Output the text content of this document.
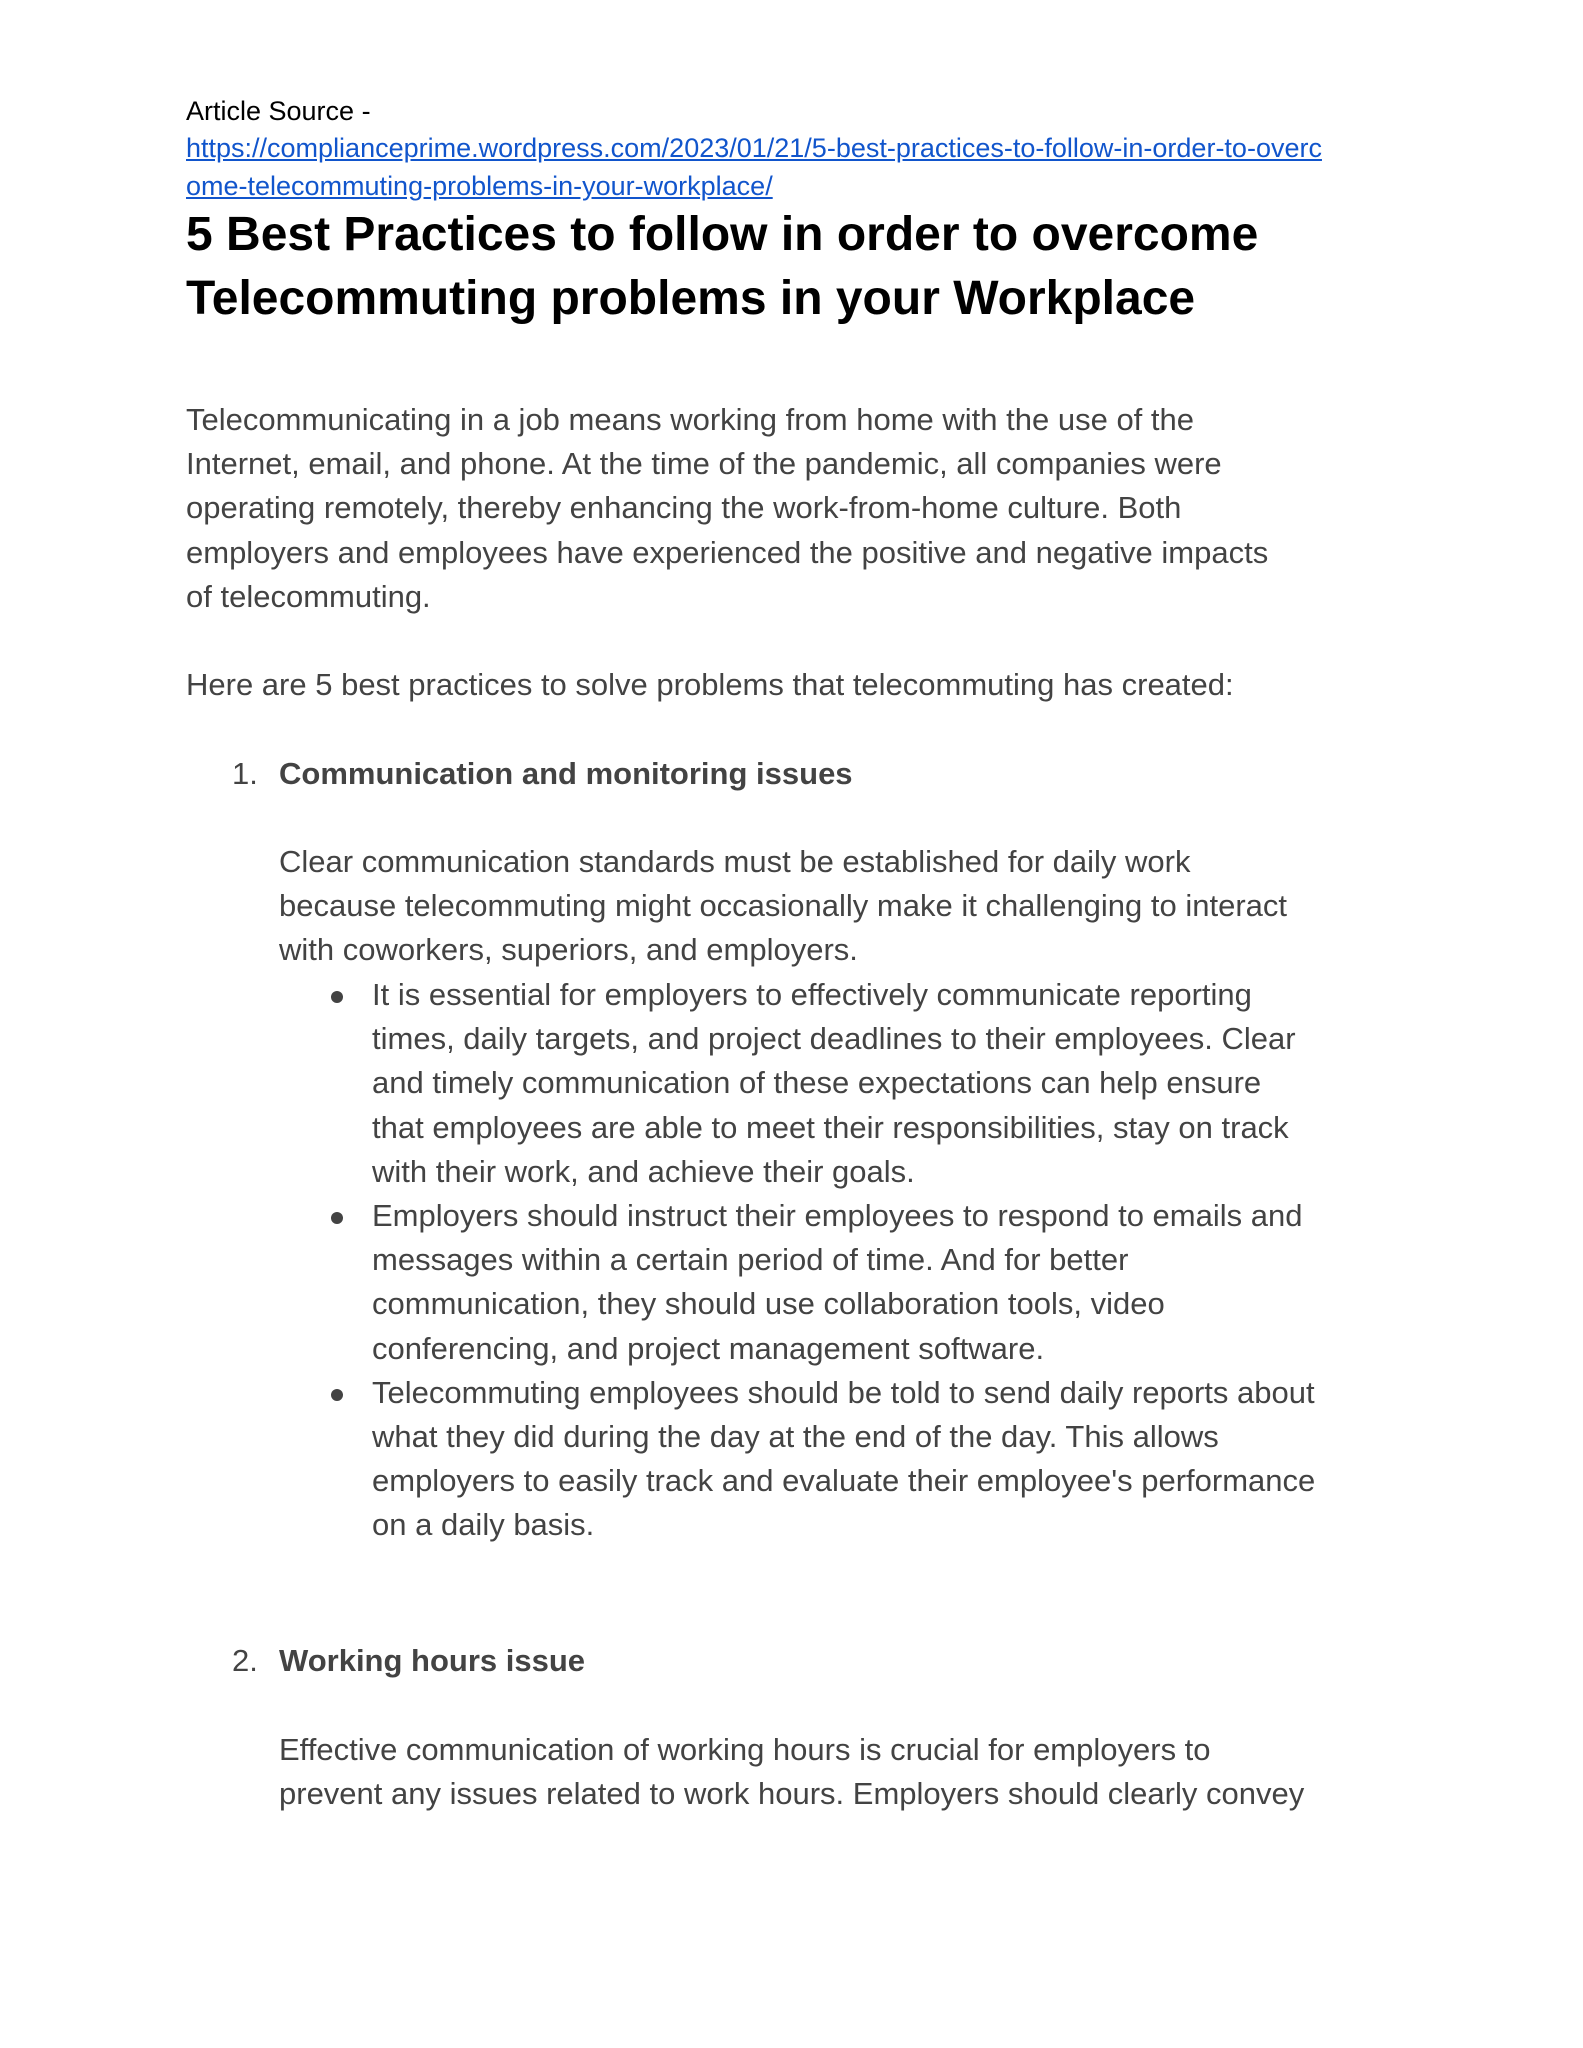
Article Source -
https://complianceprime.wordpress.com/2023/01/21/5-best-practices-to-follow-in-order-to-overc
ome-telecommuting-problems-in-your-workplace/
5 Best Practices to follow in order to overcome
Telecommuting problems in your Workplace
Telecommunicating in a job means working from home with the use of the
Internet, email, and phone. At the time of the pandemic, all companies were
operating remotely, thereby enhancing the work-from-home culture. Both
employers and employees have experienced the positive and negative impacts
of telecommuting.
Here are 5 best practices to solve problems that telecommuting has created:
1. Communication and monitoring issues
Clear communication standards must be established for daily work
because telecommuting might occasionally make it challenging to interact
with coworkers, superiors, and employers.
It is essential for employers to effectively communicate reporting
times, daily targets, and project deadlines to their employees. Clear
and timely communication of these expectations can help ensure
that employees are able to meet their responsibilities, stay on track
with their work, and achieve their goals.
Employers should instruct their employees to respond to emails and
messages within a certain period of time. And for better
communication, they should use collaboration tools, video
conferencing, and project management software.
Telecommuting employees should be told to send daily reports about
what they did during the day at the end of the day. This allows
employers to easily track and evaluate their employee's performance
on a daily basis.
2. Working hours issue
Effective communication of working hours is crucial for employers to
prevent any issues related to work hours. Employers should clearly convey
